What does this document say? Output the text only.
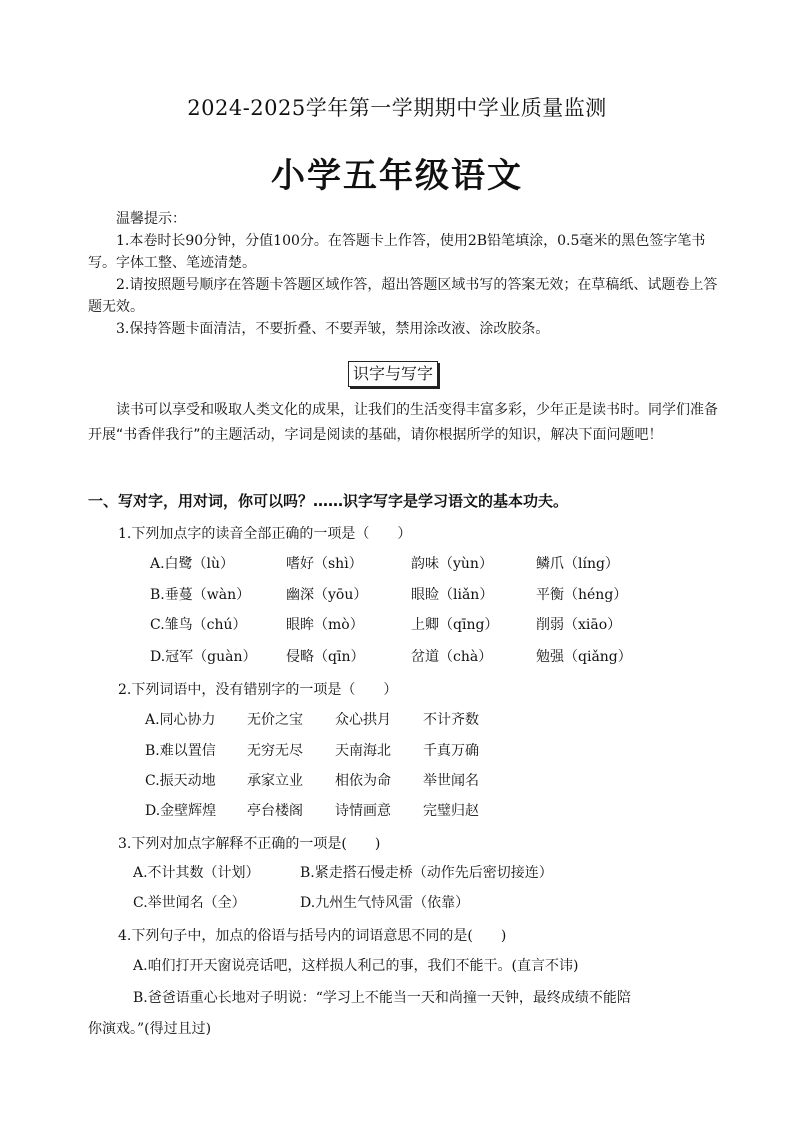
2024-2025学年第一学期期中学业质量监测
小学五年级语文

温馨提示：

1.本卷时长90分钟，分值100分。在答题卡上作答，使用2B铅笔填涂，0.5毫米的黑色签字笔书写。字体工整、笔迹清楚。

2.请按照题号顺序在答题卡答题区域作答，超出答题区域书写的答案无效；在草稿纸、试题卷上答题无效。

3.保持答题卡面清洁，不要折叠、不要弄皱，禁用涂改液、涂改胶条。

识字与写字

读书可以享受和吸取人类文化的成果，让我们的生活变得丰富多彩，少年正是读书时。同学们准备开展“书香伴我行”的主题活动，字词是阅读的基础，请你根据所学的知识，解决下面问题吧！

一、写对字，用对词，你可以吗？……识字写字是学习语文的基本功夫。
1.下列加点字的读音全部正确的一项是（　　）
A.白鹭（lù）	嗜好（shì）	韵味（yùn）	鳞爪（líng）
B.垂蔓（wàn）	幽深（yōu）	眼睑（liǎn）	平衡（héng）
C.雏鸟（chú）	眼眸（mò）	上卿（qīng）	削弱（xiāo）
D.冠军（guàn） 侵略（qīn）	岔道（chà）	勉强（qiǎng）
2.下列词语中，没有错别字的一项是（　　）
A.同心协力 无价之宝 众心拱月 不计齐数
B.难以置信 无穷无尽 天南海北 千真万确
C.振天动地 承家立业 相依为命 举世闻名
D.金壁辉煌 亭台楼阁 诗情画意 完璧归赵
3.下列对加点字解释不正确的一项是(　　)
A.不计其数（计划）	B.紧走搭石慢走桥（动作先后密切接连）
C.举世闻名（全）	D.九州生气恃风雷（依靠）
4.下列句子中，加点的俗语与括号内的词语意思不同的是(　　)
A.咱们打开天窗说亮话吧，这样损人利己的事，我们不能干。(直言不讳)
B.爸爸语重心长地对子明说：“学习上不能当一天和尚撞一天钟，最终成绩不能陪
你演戏。”(得过且过)
